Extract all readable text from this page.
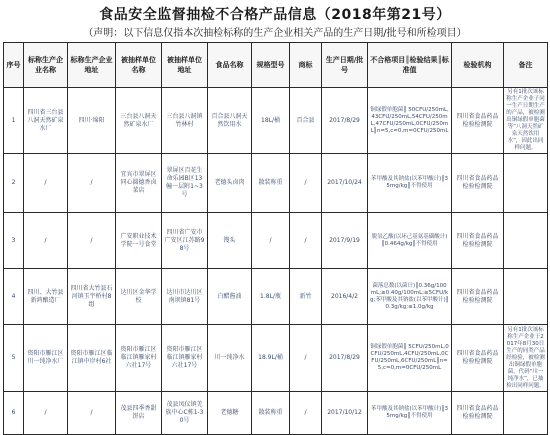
食品安全监督抽检不合格产品信息（2018年第21号）
（声明：以下信息仅指本次抽检标称的生产企业相关产品的生产日期/批号和所检项目）
序号	标称生产企业名称	标称生产企业地址	被抽样单位名称	被抽样单位地址	食品名称	规格型号	商标	生产日期/批号	不合格项目║检验结果║标准值	检验机构	备注
1	四川省三台县八洞天然矿泉水厂	四川·绵阳	三台县八洞天然矿泉水厂	三台县八洞镇竹林村	百合县八洞天然饮用水	18L/桶	百合县	2017/8/29	铜绿假单胞菌║ 50CFU/250mL,43CFU/250mL,54CFU/250mL,47CFU/250mL,0CFU/250mL║n=5,c=0,m=0CFU/250mL	四川省食品药品检验检测院	另有1批次该标称生产企业子同一生产日期生产的产品，被检测出铜绿假单胞菌等“八洞天然矿泉天然饮用水”，因此出同样问题。
2	/	/	宜宾市翠屏区同心圆德香卤菜店	翠屏区百花生命乐园B区13幢一层附1~3号	老德头卤肉	散装称重	/	2017/10/24	苯甲酸及其钠盐(以苯甲酸计)║35mg/kg║不得使用	四川省食品药品检验检测院	
3	/	/	广安职业技术学院一号食堂	四川省广安市广安区江苏路98号	馒头	/	/	2017/9/19	脱氢乙酸(以环己基氨基磺酸计)║0.464g/kg║不得使用	四川省食品药品检验检测院	
4	四川、大竹县新鸿酿造厂	四川省大竹县石河镇玉宇桥村8组	达川区金华学校	达川市达川区南坝镇81号	白醋酱油	1.8L/瓶	新竹	2016/4/2	菌落总数(以菌计)║0.36g/100mL;≥0.40g/100mL;≥5CFU/kg;苯甲酸及其钠盐(以苯甲酸计)║0.3g/kg;≤1.0g/kg	四川省食品药品检验检测院	
5	资阳市雁江区川一纯净水厂	资阳市雁江区临江镇中岸村6社	资阳市雁江区临江镇雁家村六社17号	资阳市雁江区临江镇雁家村六社17号	川一纯净水	18.9L/桶	/	2017/8/29	铜绿假单胞菌║ 5CFU/250mL,0CFU/250mL,4CFU/250mL,0CFU/250mL,6CFU/250mL║n=5,c=0,m=0CFU/250mL	四川省食品药品检验检测院	另有1批次该标称生产企业于2017年8月30日生产的同类产品经检验，被检测出铜绿假单胞菌，代码“川一纯净水”，已抽检出同样问题。
6	/	/	茂县四季香甜饼店	茂县凤仪镇羌族中心C栋1-30号	老德糖	散装称重	/	2017/10/12	苯甲酸及其钠盐(以苯甲酸计)║35mg/kg║不得使用	四川省食品药品检验检测院	
